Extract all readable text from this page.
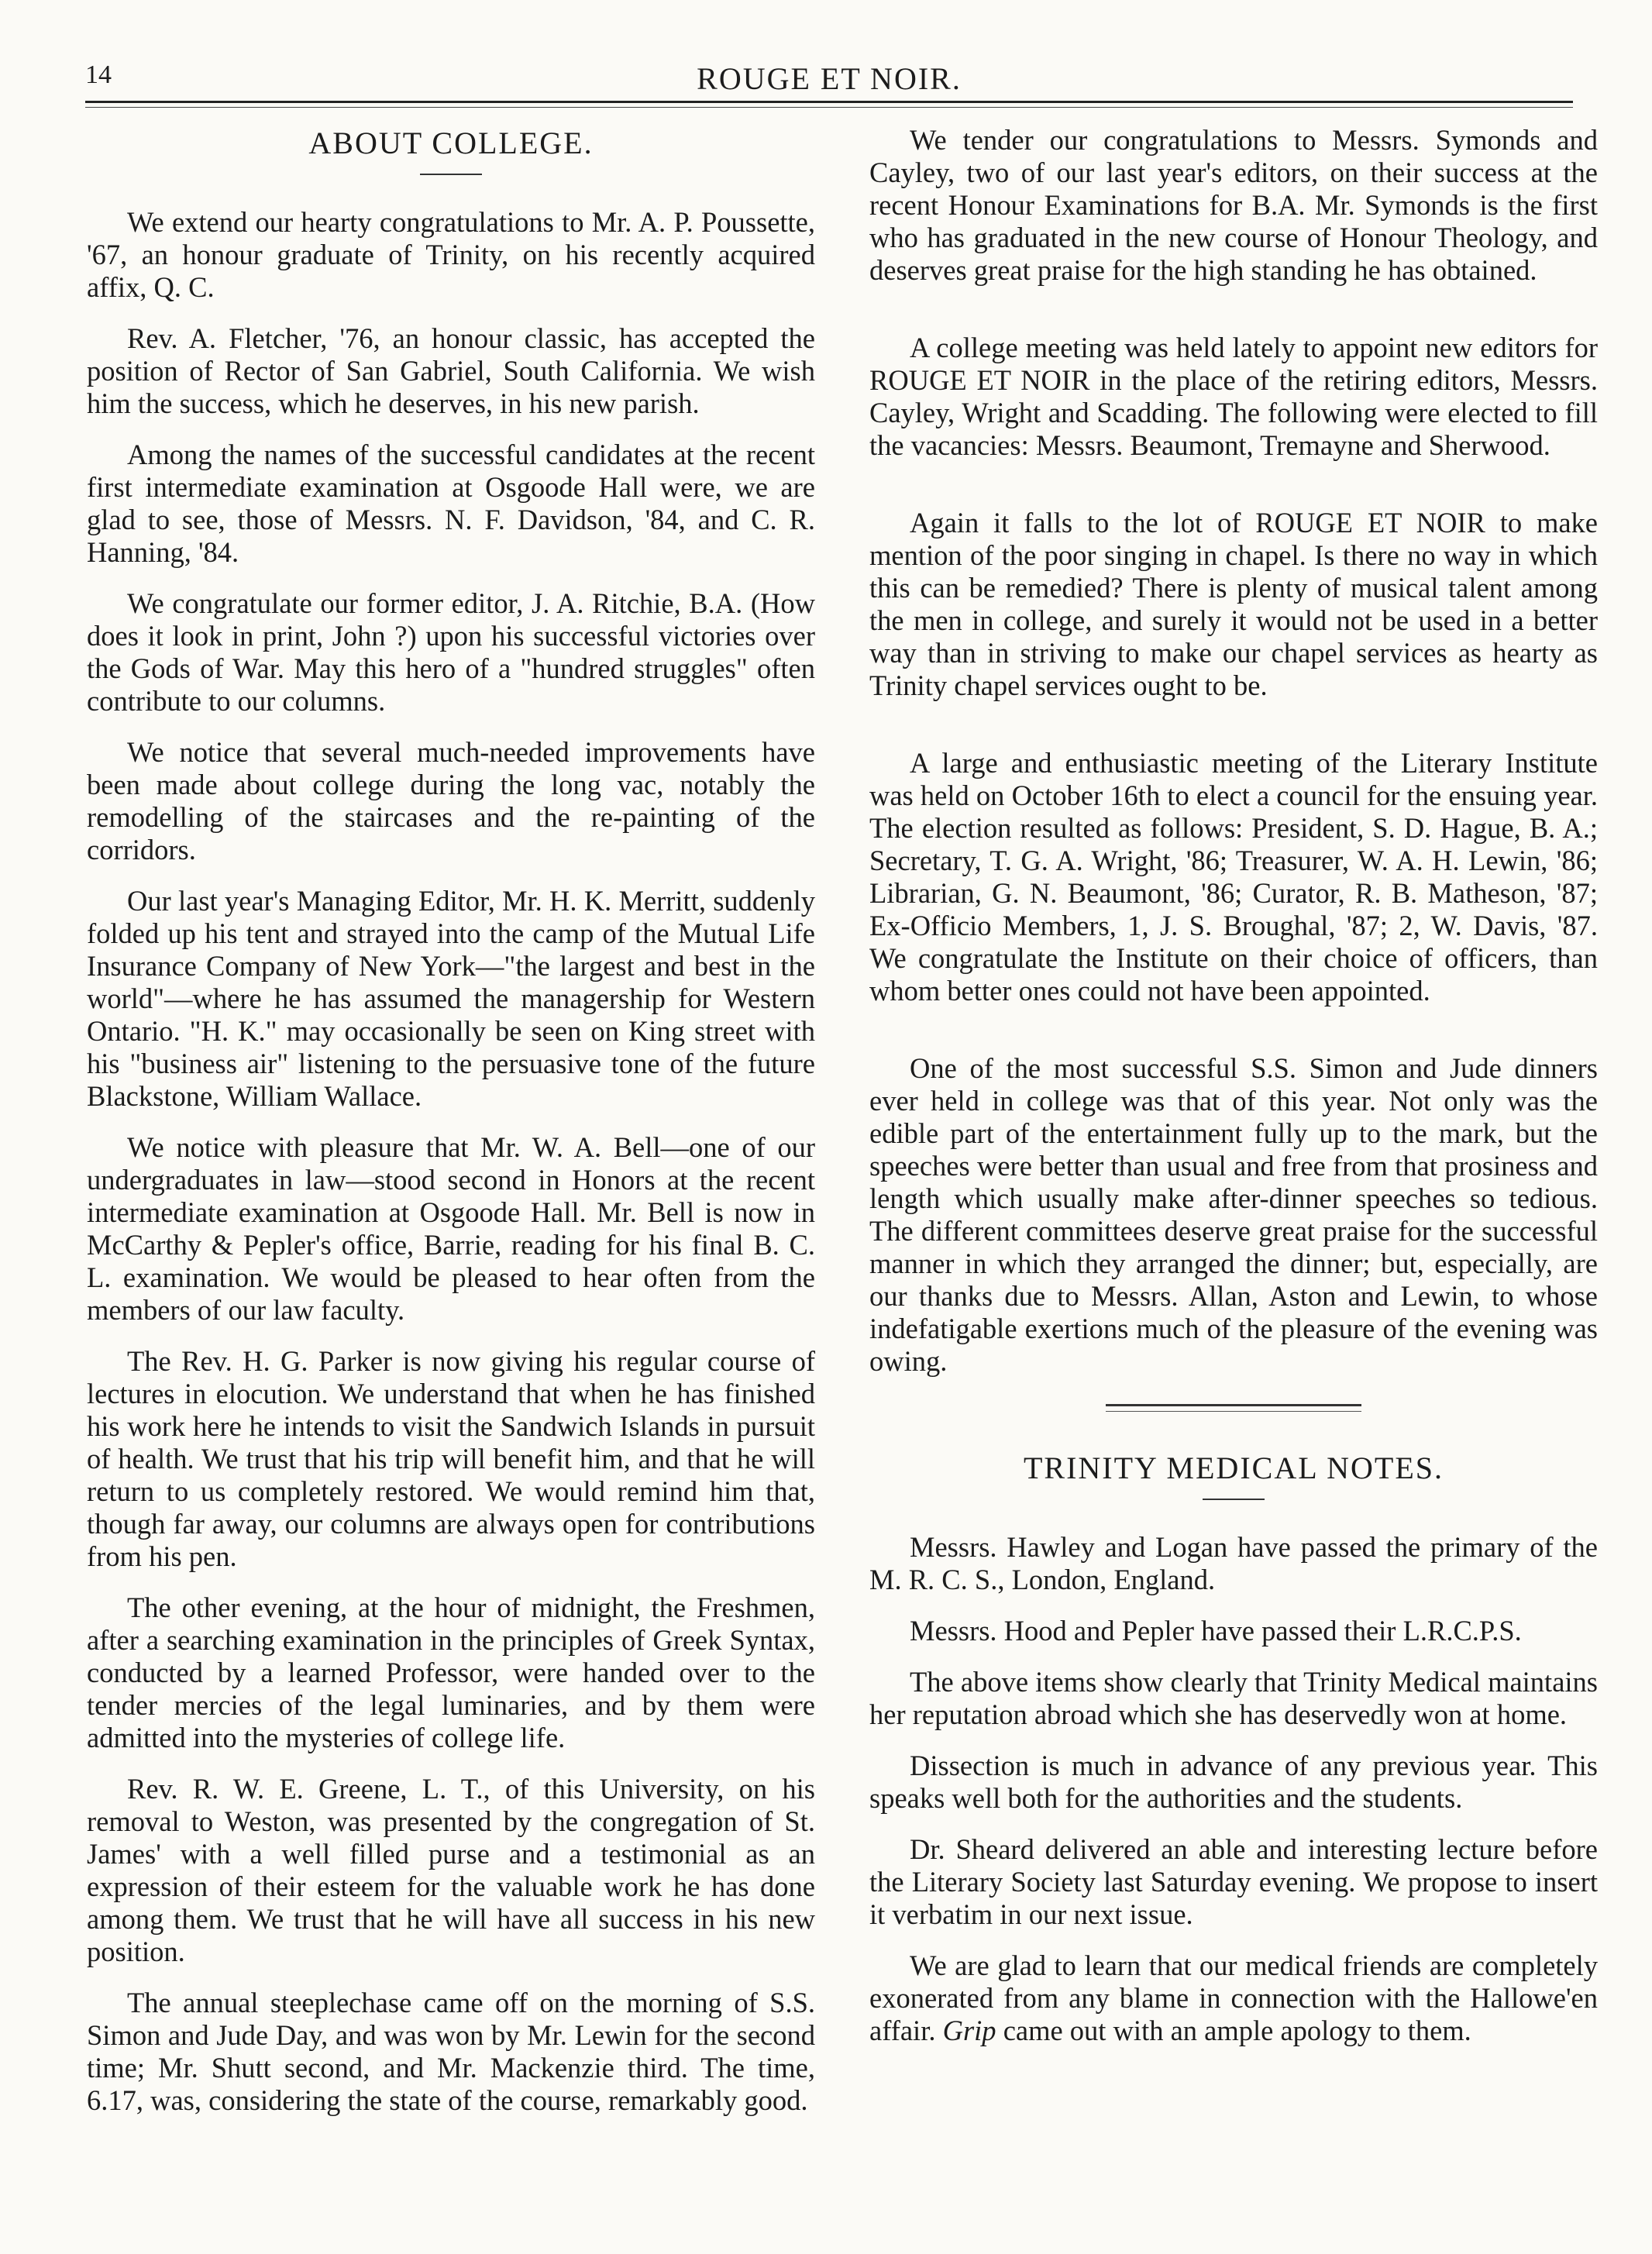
14	ROUGE ET NOIR.
ABOUT COLLEGE.

We extend our hearty congratulations to Mr. A. P. Poussette, '67, an honour graduate of Trinity, on his recently acquired affix, Q. C.

Rev. A. Fletcher, '76, an honour classic, has accepted the position of Rector of San Gabriel, South California. We wish him the success, which he deserves, in his new parish.

Among the names of the successful candidates at the recent first intermediate examination at Osgoode Hall were, we are glad to see, those of Messrs. N. F. Davidson, '84, and C. R. Hanning, '84.

We congratulate our former editor, J. A. Ritchie, B.A. (How does it look in print, John ?) upon his successful victories over the Gods of War. May this hero of a "hundred struggles" often contribute to our columns.

We notice that several much-needed improvements have been made about college during the long vac, notably the remodelling of the staircases and the re-painting of the corridors.

Our last year's Managing Editor, Mr. H. K. Merritt, suddenly folded up his tent and strayed into the camp of the Mutual Life Insurance Company of New York—"the largest and best in the world"—where he has assumed the managership for Western Ontario. "H. K." may occasionally be seen on King street with his "business air" listening to the persuasive tone of the future Blackstone, William Wallace.

We notice with pleasure that Mr. W. A. Bell—one of our undergraduates in law—stood second in Honors at the recent intermediate examination at Osgoode Hall. Mr. Bell is now in McCarthy & Pepler's office, Barrie, reading for his final B. C. L. examination. We would be pleased to hear often from the members of our law faculty.

The Rev. H. G. Parker is now giving his regular course of lectures in elocution. We understand that when he has finished his work here he intends to visit the Sandwich Islands in pursuit of health. We trust that his trip will benefit him, and that he will return to us completely restored. We would remind him that, though far away, our columns are always open for contributions from his pen.

The other evening, at the hour of midnight, the Freshmen, after a searching examination in the principles of Greek Syntax, conducted by a learned Professor, were handed over to the tender mercies of the legal luminaries, and by them were admitted into the mysteries of college life.

Rev. R. W. E. Greene, L. T., of this University, on his removal to Weston, was presented by the congregation of St. James' with a well filled purse and a testimonial as an expression of their esteem for the valuable work he has done among them. We trust that he will have all success in his new position.

The annual steeplechase came off on the morning of S.S. Simon and Jude Day, and was won by Mr. Lewin for the second time; Mr. Shutt second, and Mr. Mackenzie third. The time, 6.17, was, considering the state of the course, remarkably good.

We tender our congratulations to Messrs. Symonds and Cayley, two of our last year's editors, on their success at the recent Honour Examinations for B.A. Mr. Symonds is the first who has graduated in the new course of Honour Theology, and deserves great praise for the high standing he has obtained.

A college meeting was held lately to appoint new editors for ROUGE ET NOIR in the place of the retiring editors, Messrs. Cayley, Wright and Scadding. The following were elected to fill the vacancies: Messrs. Beaumont, Tremayne and Sherwood.

Again it falls to the lot of ROUGE ET NOIR to make mention of the poor singing in chapel. Is there no way in which this can be remedied? There is plenty of musical talent among the men in college, and surely it would not be used in a better way than in striving to make our chapel services as hearty as Trinity chapel services ought to be.

A large and enthusiastic meeting of the Literary Institute was held on October 16th to elect a council for the ensuing year. The election resulted as follows: President, S. D. Hague, B. A.; Secretary, T. G. A. Wright, '86; Treasurer, W. A. H. Lewin, '86; Librarian, G. N. Beaumont, '86; Curator, R. B. Matheson, '87; Ex-Officio Members, 1, J. S. Broughal, '87; 2, W. Davis, '87. We congratulate the Institute on their choice of officers, than whom better ones could not have been appointed.

One of the most successful S.S. Simon and Jude dinners ever held in college was that of this year. Not only was the edible part of the entertainment fully up to the mark, but the speeches were better than usual and free from that prosiness and length which usually make after-dinner speeches so tedious. The different committees deserve great praise for the successful manner in which they arranged the dinner; but, especially, are our thanks due to Messrs. Allan, Aston and Lewin, to whose indefatigable exertions much of the pleasure of the evening was owing.

TRINITY MEDICAL NOTES.

Messrs. Hawley and Logan have passed the primary of the M. R. C. S., London, England.

Messrs. Hood and Pepler have passed their L.R.C.P.S.

The above items show clearly that Trinity Medical maintains her reputation abroad which she has deservedly won at home.

Dissection is much in advance of any previous year. This speaks well both for the authorities and the students.

Dr. Sheard delivered an able and interesting lecture before the Literary Society last Saturday evening. We propose to insert it verbatim in our next issue.

We are glad to learn that our medical friends are completely exonerated from any blame in connection with the Hallowe'en affair. Grip came out with an ample apology to them.
